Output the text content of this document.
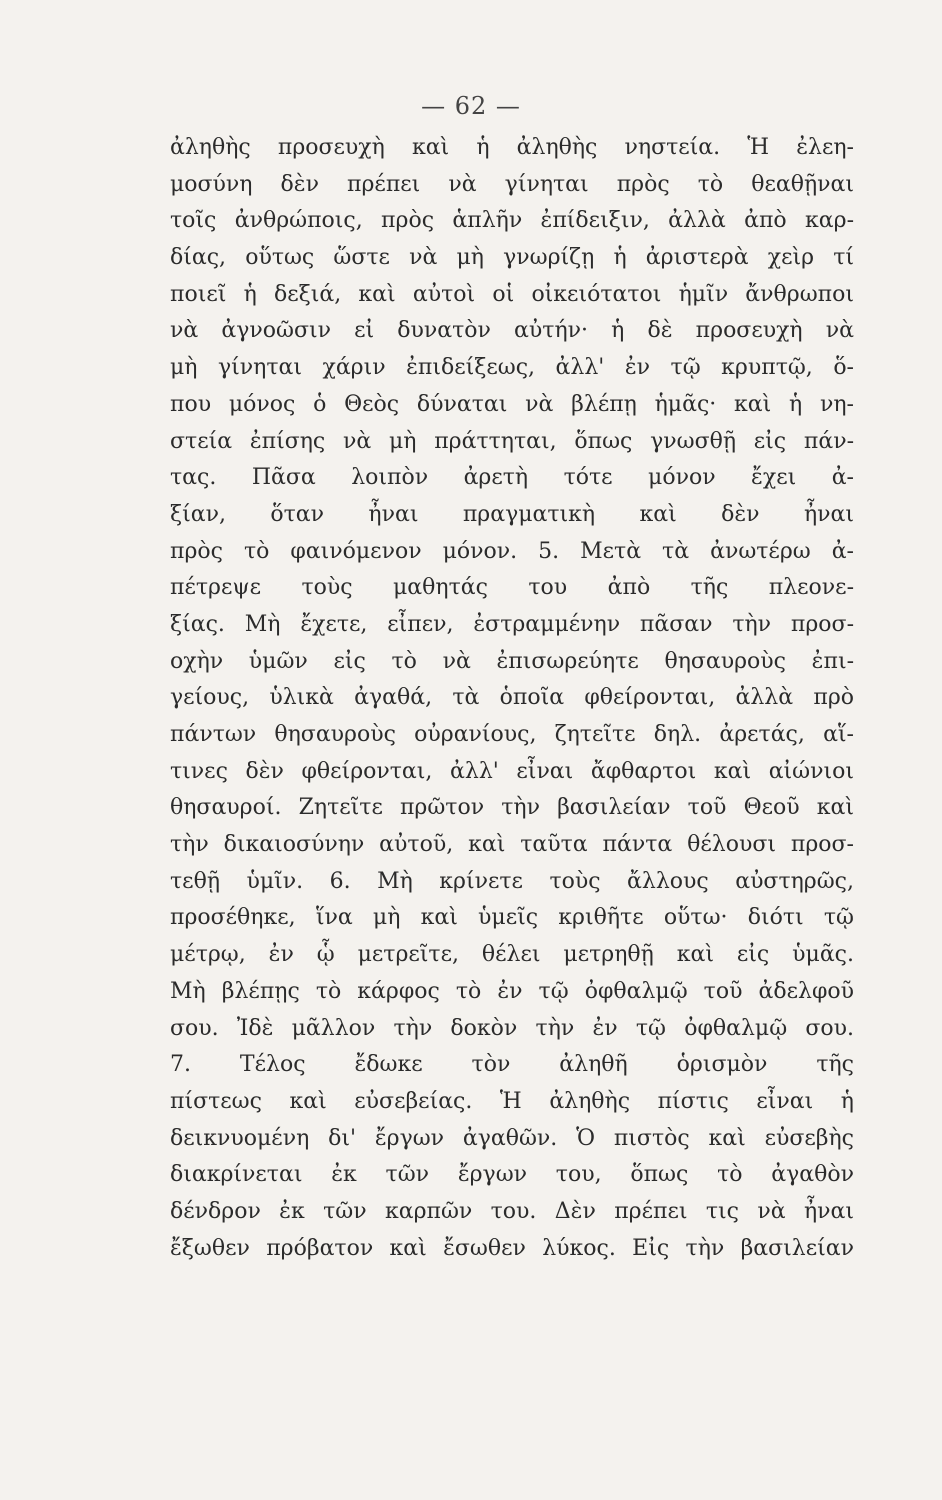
— 62 —
ἀληθὴς προσευχὴ καὶ ἡ ἀληθὴς νηστεία. Ἡ ἐλεη-
μοσύνη δὲν πρέπει νὰ γίνηται πρὸς τὸ θεαθῇναι
τοῖς ἀνθρώποις, πρὸς ἁπλῆν ἐπίδειξιν, ἀλλὰ ἀπὸ καρ-
δίας, οὕτως ὥστε νὰ μὴ γνωρίζῃ ἡ ἀριστερὰ χεὶρ τί
ποιεῖ ἡ δεξιά, καὶ αὐτοὶ οἱ οἰκειότατοι ἡμῖν ἄνθρωποι
νὰ ἀγνοῶσιν εἰ δυνατὸν αὐτήν· ἡ δὲ προσευχὴ νὰ
μὴ γίνηται χάριν ἐπιδείξεως, ἀλλ' ἐν τῷ κρυπτῷ, ὅ-
που μόνος ὁ Θεὸς δύναται νὰ βλέπῃ ἡμᾶς· καὶ ἡ νη-
στεία ἐπίσης νὰ μὴ πράττηται, ὅπως γνωσθῇ εἰς πάν-
τας. Πᾶσα λοιπὸν ἀρετὴ τότε μόνον ἔχει ἀ-
ξίαν, ὅταν ἦναι πραγματικὴ καὶ δὲν ἦναι
πρὸς τὸ φαινόμενον μόνον. 5. Μετὰ τὰ ἀνωτέρω ἀ-
πέτρεψε τοὺς μαθητάς του ἀπὸ τῆς πλεονε-
ξίας. Μὴ ἔχετε, εἶπεν, ἐστραμμένην πᾶσαν τὴν προσ-
οχὴν ὑμῶν εἰς τὸ νὰ ἐπισωρεύητε θησαυροὺς ἐπι-
γείους, ὑλικὰ ἀγαθά, τὰ ὁποῖα φθείρονται, ἀλλὰ πρὸ
πάντων θησαυροὺς οὐρανίους, ζητεῖτε δηλ. ἀρετάς, αἵ-
τινες δὲν φθείρονται, ἀλλ' εἶναι ἄφθαρτοι καὶ αἰώνιοι
θησαυροί. Ζητεῖτε πρῶτον τὴν βασιλείαν τοῦ Θεοῦ καὶ
τὴν δικαιοσύνην αὐτοῦ, καὶ ταῦτα πάντα θέλουσι προσ-
τεθῇ ὑμῖν. 6. Μὴ κρίνετε τοὺς ἄλλους αὐστηρῶς,
προσέθηκε, ἵνα μὴ καὶ ὑμεῖς κριθῆτε οὕτω· διότι τῷ
μέτρῳ, ἐν ᾧ μετρεῖτε, θέλει μετρηθῇ καὶ εἰς ὑμᾶς.
Μὴ βλέπῃς τὸ κάρφος τὸ ἐν τῷ ὀφθαλμῷ τοῦ ἀδελφοῦ
σου. Ἰδὲ μᾶλλον τὴν δοκὸν τὴν ἐν τῷ ὀφθαλμῷ σου.
7. Τέλος ἔδωκε τὸν ἀληθῆ ὁρισμὸν τῆς
πίστεως καὶ εὐσεβείας. Ἡ ἀληθὴς πίστις εἶναι ἡ
δεικνυομένη δι' ἔργων ἀγαθῶν. Ὁ πιστὸς καὶ εὐσεβὴς
διακρίνεται ἐκ τῶν ἔργων του, ὅπως τὸ ἀγαθὸν
δένδρον ἐκ τῶν καρπῶν του. Δὲν πρέπει τις νὰ ἦναι
ἔξωθεν πρόβατον καὶ ἔσωθεν λύκος. Εἰς τὴν βασιλείαν
